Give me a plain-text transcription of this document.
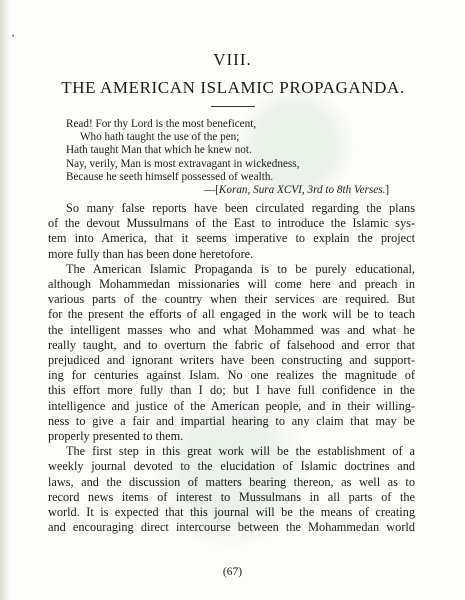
'
VIII.
THE AMERICAN ISLAMIC PROPAGANDA.
Read! For thy Lord is the most beneficent,
Who hath taught the use of the pen;
Hath taught Man that which he knew not.
Nay, verily, Man is most extravagant in wickedness,
Because he seeth himself possessed of wealth.
—[Koran, Sura XCVI, 3rd to 8th Verses.]
So many false reports have been circulated regarding the plans
of the devout Mussulmans of the East to introduce the Islamic sys-
tem into America, that it seems imperative to explain the project
more fully than has been done heretofore.
The American Islamic Propaganda is to be purely educational,
although Mohammedan missionaries will come here and preach in
various parts of the country when their services are required. But
for the present the efforts of all engaged in the work will be to teach
the intelligent masses who and what Mohammed was and what he
really taught, and to overturn the fabric of falsehood and error that
prejudiced and ignorant writers have been constructing and support-
ing for centuries against Islam. No one realizes the magnitude of
this effort more fully than I do; but I have full confidence in the
intelligence and justice of the American people, and in their willing-
ness to give a fair and impartial hearing to any claim that may be
properly presented to them.
The first step in this great work will be the establishment of a
weekly journal devoted to the elucidation of Islamic doctrines and
laws, and the discussion of matters bearing thereon, as well as to
record news items of interest to Mussulmans in all parts of the
world. It is expected that this journal will be the means of creating
and encouraging direct intercourse between the Mohammedan world
(67)
